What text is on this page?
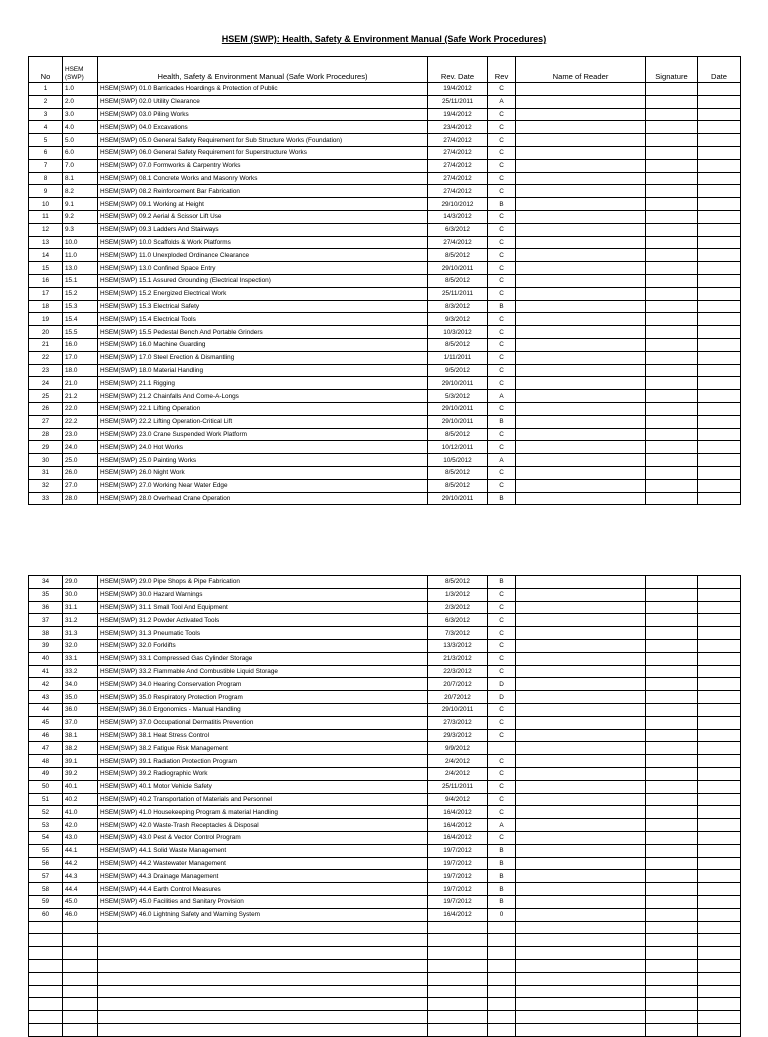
HSEM (SWP): Health, Safety & Environment Manual (Safe Work Procedures)
No	HSEM (SWP)	Health, Safety & Environment Manual (Safe Work Procedures)	Rev. Date	Rev	Name of Reader	Signature	Date
1	1.0	HSEM(SWP) 01.0 Barricades Hoardings & Protection of Public	19/4/2012	C			
2	2.0	HSEM(SWP) 02.0 Utility Clearance	25/11/2011	A			
3	3.0	HSEM(SWP) 03.0 Piling Works	19/4/2012	C			
4	4.0	HSEM(SWP) 04.0 Excavations	23/4/2012	C			
5	5.0	HSEM(SWP) 05.0 General Safety Requirement for Sub Structure Works (Foundation)	27/4/2012	C			
6	6.0	HSEM(SWP) 06.0 General Safety Requirement for Superstructure Works	27/4/2012	C			
7	7.0	HSEM(SWP) 07.0 Formworks & Carpentry Works	27/4/2012	C			
8	8.1	HSEM(SWP) 08.1 Concrete Works and Masonry Works	27/4/2012	C			
9	8.2	HSEM(SWP) 08.2 Reinforcement Bar Fabrication	27/4/2012	C			
10	9.1	HSEM(SWP) 09.1 Working at Height	29/10/2012	B			
11	9.2	HSEM(SWP) 09.2 Aerial & Scissor Lift Use	14/3/2012	C			
12	9.3	HSEM(SWP) 09.3 Ladders And Stairways	6/3/2012	C			
13	10.0	HSEM(SWP) 10.0 Scaffolds & Work Platforms	27/4/2012	C			
14	11.0	HSEM(SWP) 11.0 Unexploded Ordinance Clearance	8/5/2012	C			
15	13.0	HSEM(SWP) 13.0 Confined Space Entry	29/10/2011	C			
16	15.1	HSEM(SWP) 15.1 Assured Grounding (Electrical Inspection)	8/5/2012	C			
17	15.2	HSEM(SWP) 15.2 Energized Electrical Work	25/11/2011	C			
18	15.3	HSEM(SWP) 15.3 Electrical Safety	8/3/2012	B			
19	15.4	HSEM(SWP) 15.4 Electrical Tools	9/3/2012	C			
20	15.5	HSEM(SWP) 15.5 Pedestal Bench And Portable Grinders	10/3/2012	C			
21	16.0	HSEM(SWP) 16.0 Machine Guarding	8/5/2012	C			
22	17.0	HSEM(SWP) 17.0 Steel Erection & Dismantling	1/11/2011	C			
23	18.0	HSEM(SWP) 18.0 Material Handling	9/5/2012	C			
24	21.0	HSEM(SWP) 21.1 Rigging	29/10/2011	C			
25	21.2	HSEM(SWP) 21.2 Chainfalls And Come-A-Longs	5/3/2012	A			
26	22.0	HSEM(SWP) 22.1 Lifting Operation	29/10/2011	C			
27	22.2	HSEM(SWP) 22.2 Lifting Operation-Critical Lift	29/10/2011	B			
28	23.0	HSEM(SWP) 23.0 Crane Suspended Work Platform	8/5/2012	C			
29	24.0	HSEM(SWP) 24.0 Hot Works	10/12/2011	C			
30	25.0	HSEM(SWP) 25.0 Painting Works	10/5/2012	A			
31	26.0	HSEM(SWP) 26.0 Night Work	8/5/2012	C			
32	27.0	HSEM(SWP) 27.0 Working Near Water Edge	8/5/2012	C			
33	28.0	HSEM(SWP) 28.0 Overhead Crane Operation	29/10/2011	B			
34	29.0	HSEM(SWP) 29.0 Pipe Shops & Pipe Fabrication	8/5/2012	B			
35	30.0	HSEM(SWP) 30.0 Hazard Warnings	1/3/2012	C			
36	31.1	HSEM(SWP) 31.1 Small Tool And Equipment	2/3/2012	C			
37	31.2	HSEM(SWP) 31.2 Powder Activated Tools	6/3/2012	C			
38	31.3	HSEM(SWP) 31.3 Pneumatic Tools	7/3/2012	C			
39	32.0	HSEM(SWP) 32.0 Forklifts	13/3/2012	C			
40	33.1	HSEM(SWP) 33.1 Compressed Gas Cylinder Storage	21/3/2012	C			
41	33.2	HSEM(SWP) 33.2 Flammable And Combustible Liquid Storage	22/3/2012	C			
42	34.0	HSEM(SWP) 34.0 Hearing Conservation Program	20/7/2012	D			
43	35.0	HSEM(SWP) 35.0 Respiratory Protection Program	20/72012	D			
44	36.0	HSEM(SWP) 36.0 Ergonomics - Manual Handling	29/10/2011	C			
45	37.0	HSEM(SWP) 37.0 Occupational Dermatitis Prevention	27/3/2012	C			
46	38.1	HSEM(SWP) 38.1 Heat Stress Control	29/3/2012	C			
47	38.2	HSEM(SWP) 38.2 Fatigue Risk Management	9/9/2012				
48	39.1	HSEM(SWP) 39.1 Radiation Protection Program	2/4/2012	C			
49	39.2	HSEM(SWP) 39.2 Radiographic Work	2/4/2012	C			
50	40.1	HSEM(SWP) 40.1 Motor Vehicle Safety	25/11/2011	C			
51	40.2	HSEM(SWP) 40.2 Transportation of Materials and Personnel	9/4/2012	C			
52	41.0	HSEM(SWP) 41.0 Housekeeping Program & material Handling	16/4/2012	C			
53	42.0	HSEM(SWP) 42.0 Waste-Trash Receptacles & Disposal	16/4/2012	A			
54	43.0	HSEM(SWP) 43.0 Pest & Vector Control Program	16/4/2012	C			
55	44.1	HSEM(SWP) 44.1 Solid Waste Management	19/7/2012	B			
56	44.2	HSEM(SWP) 44.2 Wastewater Management	19/7/2012	B			
57	44.3	HSEM(SWP) 44.3 Drainage Management	19/7/2012	B			
58	44.4	HSEM(SWP) 44.4 Earth Control Measures	19/7/2012	B			
59	45.0	HSEM(SWP) 45.0 Facilities and Sanitary Provision	19/7/2012	B			
60	46.0	HSEM(SWP) 46.0 Lightning Safety and Warning System	16/4/2012	0			
